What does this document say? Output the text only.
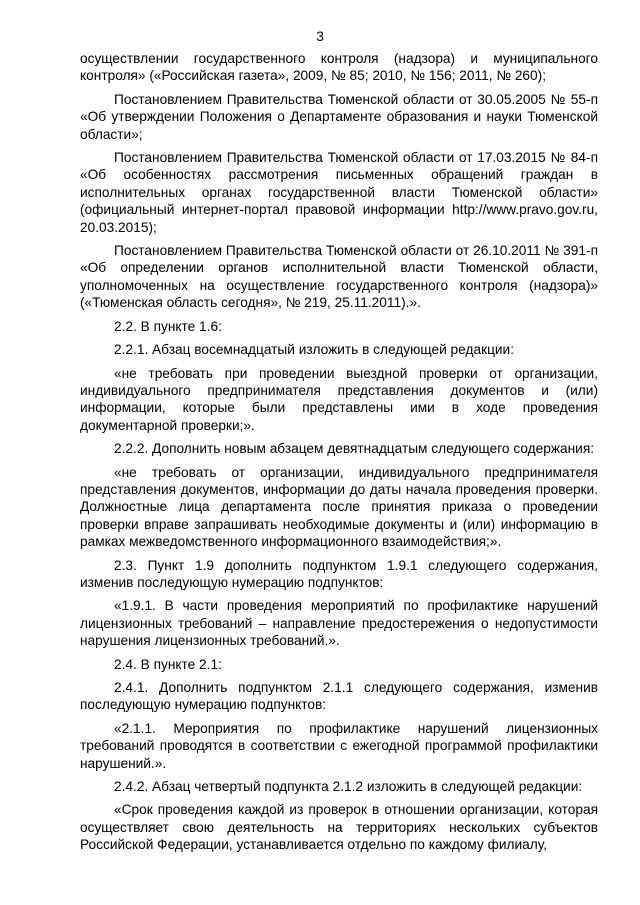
3

осуществлении государственного контроля (надзора) и муниципального контроля» («Российская газета», 2009, № 85; 2010, № 156; 2011, № 260);

Постановлением Правительства Тюменской области от 30.05.2005 № 55-п «Об утверждении Положения о Департаменте образования и науки Тюменской области»;

Постановлением Правительства Тюменской области от 17.03.2015 № 84-п «Об особенностях рассмотрения письменных обращений граждан в исполнительных органах государственной власти Тюменской области» (официальный интернет-портал правовой информации http://www.pravo.gov.ru, 20.03.2015);

Постановлением Правительства Тюменской области от 26.10.2011 № 391-п «Об определении органов исполнительной власти Тюменской области, уполномоченных на осуществление государственного контроля (надзора)» («Тюменская область сегодня», № 219, 25.11.2011).».

2.2. В пункте 1.6:

2.2.1. Абзац восемнадцатый изложить в следующей редакции:

«не требовать при проведении выездной проверки от организации, индивидуального предпринимателя представления документов и (или) информации, которые были представлены ими в ходе проведения документарной проверки;».

2.2.2. Дополнить новым абзацем девятнадцатым следующего содержания:

«не требовать от организации, индивидуального предпринимателя представления документов, информации до даты начала проведения проверки. Должностные лица департамента после принятия приказа о проведении проверки вправе запрашивать необходимые документы и (или) информацию в рамках межведомственного информационного взаимодействия;».

2.3. Пункт 1.9 дополнить подпунктом 1.9.1 следующего содержания, изменив последующую нумерацию подпунктов:

«1.9.1. В части проведения мероприятий по профилактике нарушений лицензионных требований – направление предостережения о недопустимости нарушения лицензионных требований.».

2.4. В пункте 2.1:

2.4.1. Дополнить подпунктом 2.1.1 следующего содержания, изменив последующую нумерацию подпунктов:

«2.1.1. Мероприятия по профилактике нарушений лицензионных требований проводятся в соответствии с ежегодной программой профилактики нарушений.».

2.4.2. Абзац четвертый подпункта 2.1.2 изложить в следующей редакции:

«Срок проведения каждой из проверок в отношении организации, которая осуществляет свою деятельность на территориях нескольких субъектов Российской Федерации, устанавливается отдельно по каждому филиалу,
